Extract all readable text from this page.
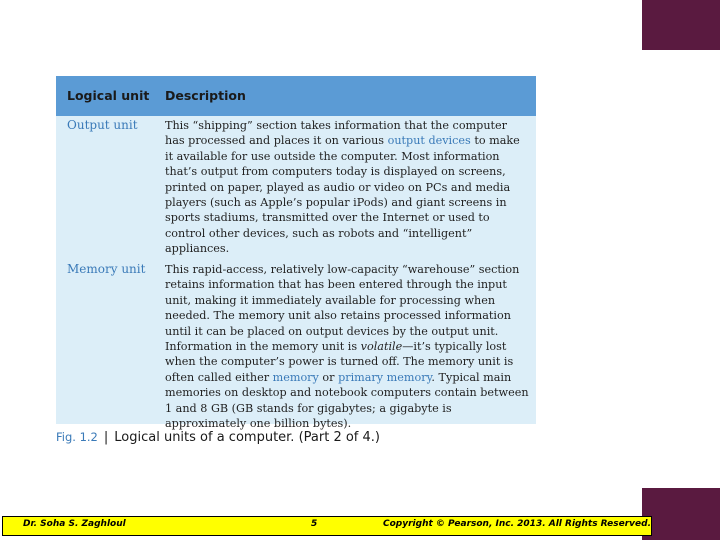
Logical unit Description
Output unit This “shipping” section takes information that the computer has processed and places it on various output devices to make it available for use outside the computer. Most information that’s output from computers today is displayed on screens, printed on paper, played as audio or video on PCs and media players (such as Apple’s popular iPods) and giant screens in sports stadiums, transmitted over the Internet or used to control other devices, such as robots and “intelligent” appliances.
Memory unit This rapid-access, relatively low-capacity “warehouse” section retains information that has been entered through the input unit, making it immediately available for processing when needed. The memory unit also retains processed information until it can be placed on output devices by the output unit. Information in the memory unit is volatile—it’s typically lost when the computer’s power is turned off. The memory unit is often called either memory or primary memory. Typical main memories on desktop and notebook computers contain between 1 and 8 GB (GB stands for gigabytes; a gigabyte is approximately one billion bytes).
Fig. 1.2 | Logical units of a computer. (Part 2 of 4.)
Dr. Soha S. Zaghloul	5	Copyright © Pearson, Inc. 2013. All Rights Reserved.
